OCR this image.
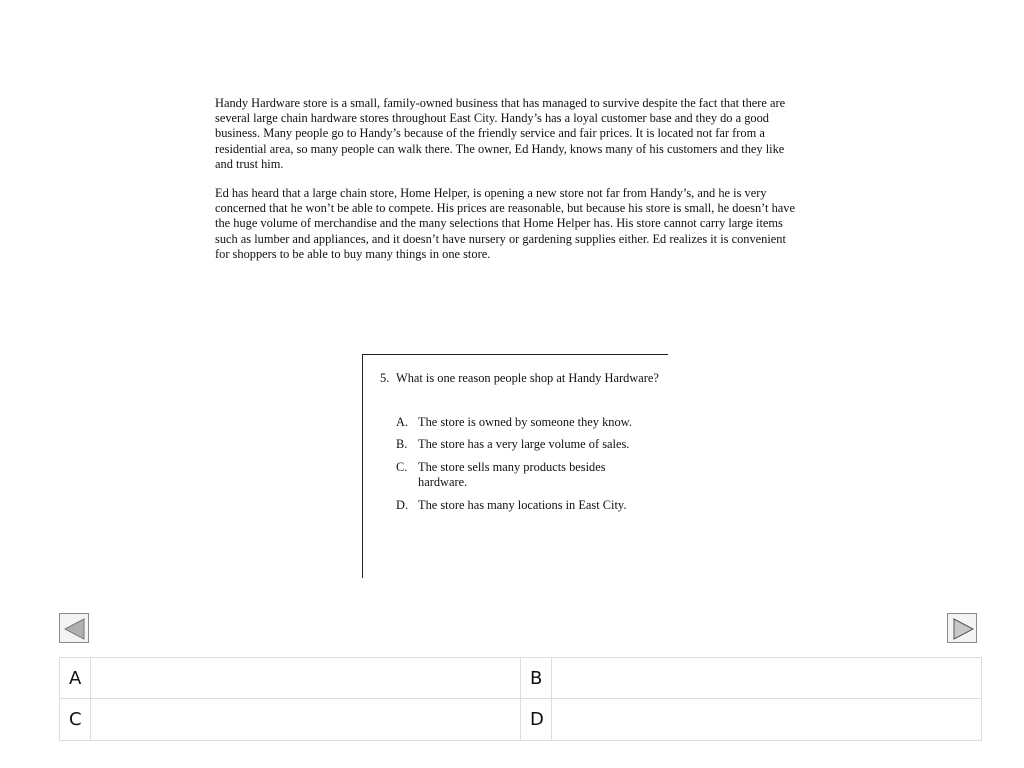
Handy Hardware store is a small, family-owned business that has managed to survive despite the fact that there are several large chain hardware stores throughout East City. Handy’s has a loyal customer base and they do a good business. Many people go to Handy’s because of the friendly service and fair prices. It is located not far from a residential area, so many people can walk there. The owner, Ed Handy, knows many of his customers and they like and trust him.

Ed has heard that a large chain store, Home Helper, is opening a new store not far from Handy’s, and he is very concerned that he won’t be able to compete. His prices are reasonable, but because his store is small, he doesn’t have the huge volume of merchandise and the many selections that Home Helper has. His store cannot carry large items such as lumber and appliances, and it doesn’t have nursery or gardening supplies either. Ed realizes it is convenient for shoppers to be able to buy many things in one store.

5. What is one reason people shop at Handy Hardware?
A. The store is owned by someone they know.
B. The store has a very large volume of sales.
C. The store sells many products besides hardware.
D. The store has many locations in East City.
A	B
C	D
